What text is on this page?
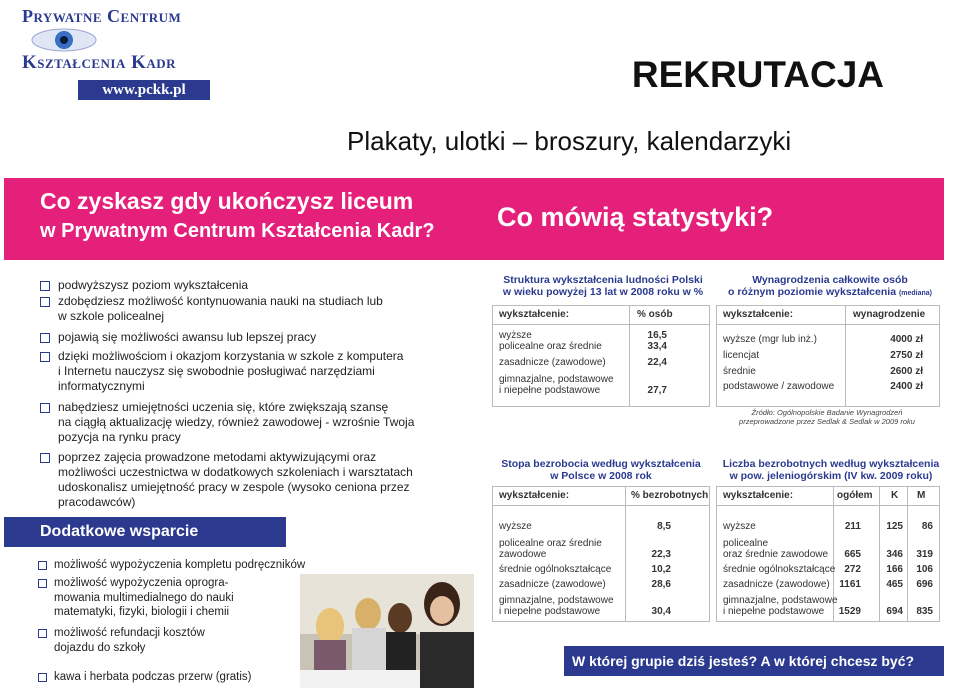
Prywatne Centrum
Kształcenia Kadr
www.pckk.pl	REKRUTACJA
Plakaty, ulotki – broszury, kalendarzyki
Co zyskasz gdy ukończysz liceum
w Prywatnym Centrum Kształcenia Kadr? Co mówią statystyki?
podwyższysz poziom wykształcenia
zdobędziesz możliwość kontynuowania nauki na studiach lub
w szkole policealnej
pojawią się możliwości awansu lub lepszej pracy
dzięki możliwościom i okazjom korzystania w szkole z komputera
i Internetu nauczysz się swobodnie posługiwać narzędziami
informatycznymi
nabędziesz umiejętności uczenia się, które zwiększają szansę
na ciągłą aktualizację wiedzy, również zawodowej - wzrośnie Twoja
pozycja na rynku pracy
poprzez zajęcia prowadzone metodami aktywizującymi oraz
możliwości uczestnictwa w dodatkowych szkoleniach i warsztatach
udoskonalisz umiejętność pracy w zespole (wysoko ceniona przez
pracodawców)
Dodatkowe wsparcie
możliwość wypożyczenia kompletu podręczników
możliwość wypożyczenia oprogra-
mowania multimedialnego do nauki
matematyki, fizyki, biologii i chemii
możliwość refundacji kosztów
dojazdu do szkoły
kawa i herbata podczas przerw (gratis)
Struktura wykształcenia ludności Polski
w wieku powyżej 13 lat w 2008 roku w %
wykształcenie:	% osób
wyższe	16,5
policealne oraz średnie	33,4
zasadnicze (zawodowe)	22,4
gimnazjalne, podstawowe
i niepełne podstawowe	27,7
Wynagrodzenia całkowite osób
o różnym poziomie wykształcenia (mediana)
wykształcenie:	wynagrodzenie
wyższe (mgr lub inż.)	4000 zł
licencjat	2750 zł
średnie	2600 zł
podstawowe / zawodowe	2400 zł
Źródło: Ogólnopolskie Badanie Wynagrodzeń
przeprowadzone przez Sedlak & Sedlak w 2009 roku
Stopa bezrobocia według wykształcenia
w Polsce w 2008 rok
wykształcenie:	% bezrobotnych
wyższe	8,5
policealne oraz średnie
zawodowe	22,3
średnie ogólnokształcące	10,2
zasadnicze (zawodowe)	28,6
gimnazjalne, podstawowe
i niepełne podstawowe	30,4
Liczba bezrobotnych według wykształcenia
w pow. jeleniogórskim (IV kw. 2009 roku)
wykształcenie:	ogółem K M
wyższe	211	125 86
policealne
oraz średnie zawodowe 665	346 319
średnie ogólnokształcące 272	166 106
zasadnicze (zawodowe) 1161	465 696
gimnazjalne, podstawowe
i niepełne podstawowe 1529	694 835
W której grupie dziś jesteś? A w której chcesz być?
